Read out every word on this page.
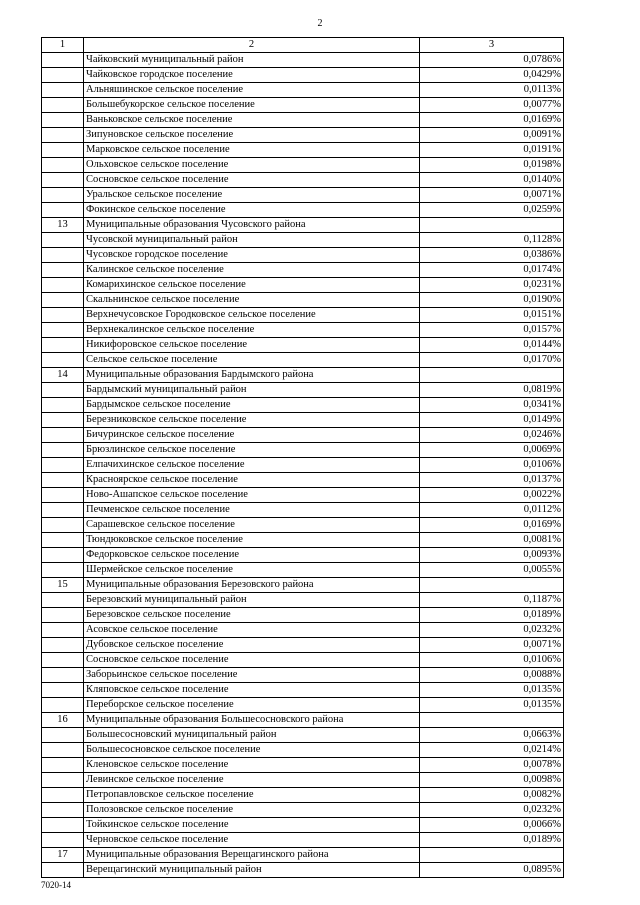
2
1	2	3
	Чайковский муниципальный район	0,0786%
	Чайковское городское поселение	0,0429%
	Альняшинское сельское поселение	0,0113%
	Большебукорское сельское поселение	0,0077%
	Ваньковское сельское поселение	0,0169%
	Зипуновское сельское поселение	0,0091%
	Марковское сельское поселение	0,0191%
	Ольховское сельское поселение	0,0198%
	Сосновское сельское поселение	0,0140%
	Уральское сельское поселение	0,0071%
	Фокинское сельское поселение	0,0259%
13	Муниципальные образования Чусовского района	
	Чусовской муниципальный район	0,1128%
	Чусовское городское поселение	0,0386%
	Калинское сельское поселение	0,0174%
	Комарихинское сельское поселение	0,0231%
	Скальнинское сельское поселение	0,0190%
	Верхнечусовское Городковское сельское поселение	0,0151%
	Верхнекалинское сельское поселение	0,0157%
	Никифоровское сельское поселение	0,0144%
	Сельское сельское поселение	0,0170%
14	Муниципальные образования Бардымского района	
	Бардымский муниципальный район	0,0819%
	Бардымское сельское поселение	0,0341%
	Березниковское сельское поселение	0,0149%
	Бичуринское сельское поселение	0,0246%
	Брюзлинское сельское поселение	0,0069%
	Елпачихинское сельское поселение	0,0106%
	Красноярское сельское поселение	0,0137%
	Ново-Ашапское сельское поселение	0,0022%
	Печменское сельское поселение	0,0112%
	Сарашевское сельское поселение	0,0169%
	Тюндюковское сельское поселение	0,0081%
	Федорковское сельское поселение	0,0093%
	Шермейское сельское поселение	0,0055%
15	Муниципальные образования Березовского района	
	Березовский муниципальный район	0,1187%
	Березовское сельское поселение	0,0189%
	Асовское сельское поселение	0,0232%
	Дубовское сельское поселение	0,0071%
	Сосновское сельское поселение	0,0106%
	Заборьинское сельское поселение	0,0088%
	Кляповское сельское поселение	0,0135%
	Переборское сельское поселение	0,0135%
16	Муниципальные образования Большесосновского района	
	Большесосновский муниципальный район	0,0663%
	Большесосновское сельское поселение	0,0214%
	Кленовское сельское поселение	0,0078%
	Левинское сельское поселение	0,0098%
	Петропавловское сельское поселение	0,0082%
	Полозовское сельское поселение	0,0232%
	Тойкинское сельское поселение	0,0066%
	Черновское сельское поселение	0,0189%
17	Муниципальные образования Верещагинского района	
	Верещагинский муниципальный район	0,0895%
7020-14
